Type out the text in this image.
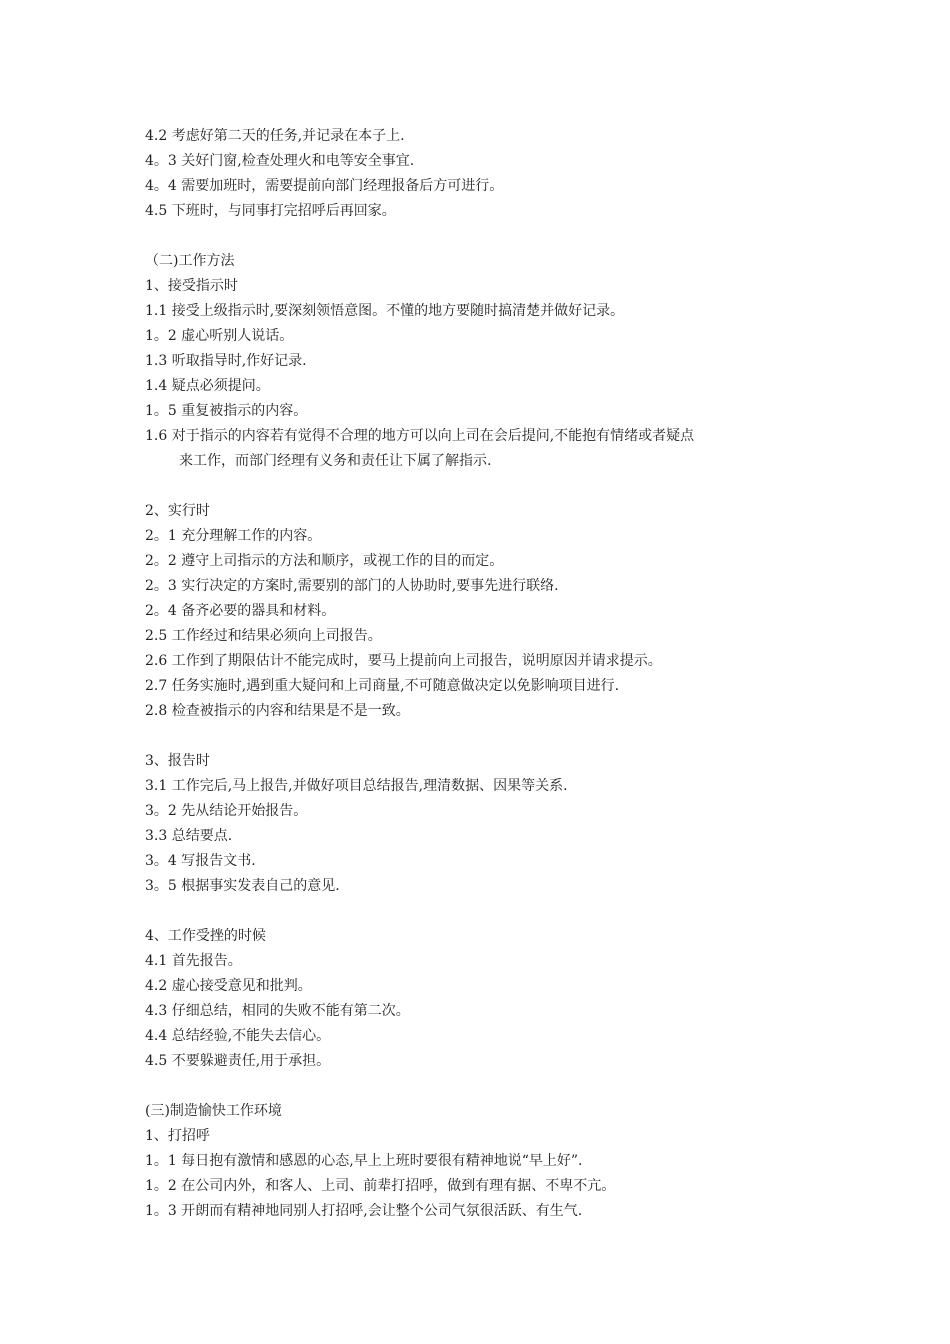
4.2 考虑好第二天的任务,并记录在本子上.
4。3 关好门窗,检查处理火和电等安全事宜.
4。4 需要加班时，需要提前向部门经理报备后方可进行。
4.5 下班时，与同事打完招呼后再回家。
（二)工作方法
1、接受指示时
1.1 接受上级指示时,要深刻领悟意图。不懂的地方要随时搞清楚并做好记录。
1。2 虚心听别人说话。
1.3 听取指导时,作好记录.
1.4 疑点必须提问。
1。5 重复被指示的内容。
1.6 对于指示的内容若有觉得不合理的地方可以向上司在会后提问,不能抱有情绪或者疑点
来工作，而部门经理有义务和责任让下属了解指示.
2、实行时
2。1 充分理解工作的内容。
2。2 遵守上司指示的方法和顺序，或视工作的目的而定。
2。3 实行决定的方案时,需要别的部门的人协助时,要事先进行联络.
2。4 备齐必要的器具和材料。
2.5 工作经过和结果必须向上司报告。
2.6 工作到了期限估计不能完成时，要马上提前向上司报告，说明原因并请求提示。
2.7 任务实施时,遇到重大疑问和上司商量,不可随意做决定以免影响项目进行.
2.8 检查被指示的内容和结果是不是一致。
3、报告时
3.1 工作完后,马上报告,并做好项目总结报告,理清数据、因果等关系.
3。2 先从结论开始报告。
3.3 总结要点.
3。4 写报告文书.
3。5 根据事实发表自己的意见.
4、工作受挫的时候
4.1 首先报告。
4.2 虚心接受意见和批判。
4.3 仔细总结，相同的失败不能有第二次。
4.4 总结经验,不能失去信心。
4.5 不要躲避责任,用于承担。
(三)制造愉快工作环境
1、打招呼
1。1 每日抱有激情和感恩的心态,早上上班时要很有精神地说“早上好”.
1。2 在公司内外，和客人、上司、前辈打招呼，做到有理有据、不卑不亢。
1。3 开朗而有精神地同别人打招呼,会让整个公司气氛很活跃、有生气.
